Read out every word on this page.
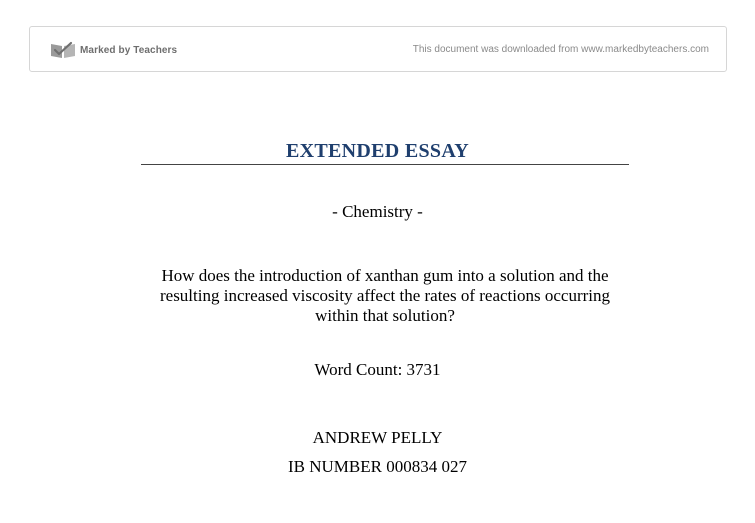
Marked by Teachers	This document was downloaded from www.markedbyteachers.com
EXTENDED ESSAY
- Chemistry -
How does the introduction of xanthan gum into a solution and the resulting increased viscosity affect the rates of reactions occurring within that solution?
Word Count: 3731
ANDREW PELLY
IB NUMBER 000834 027
